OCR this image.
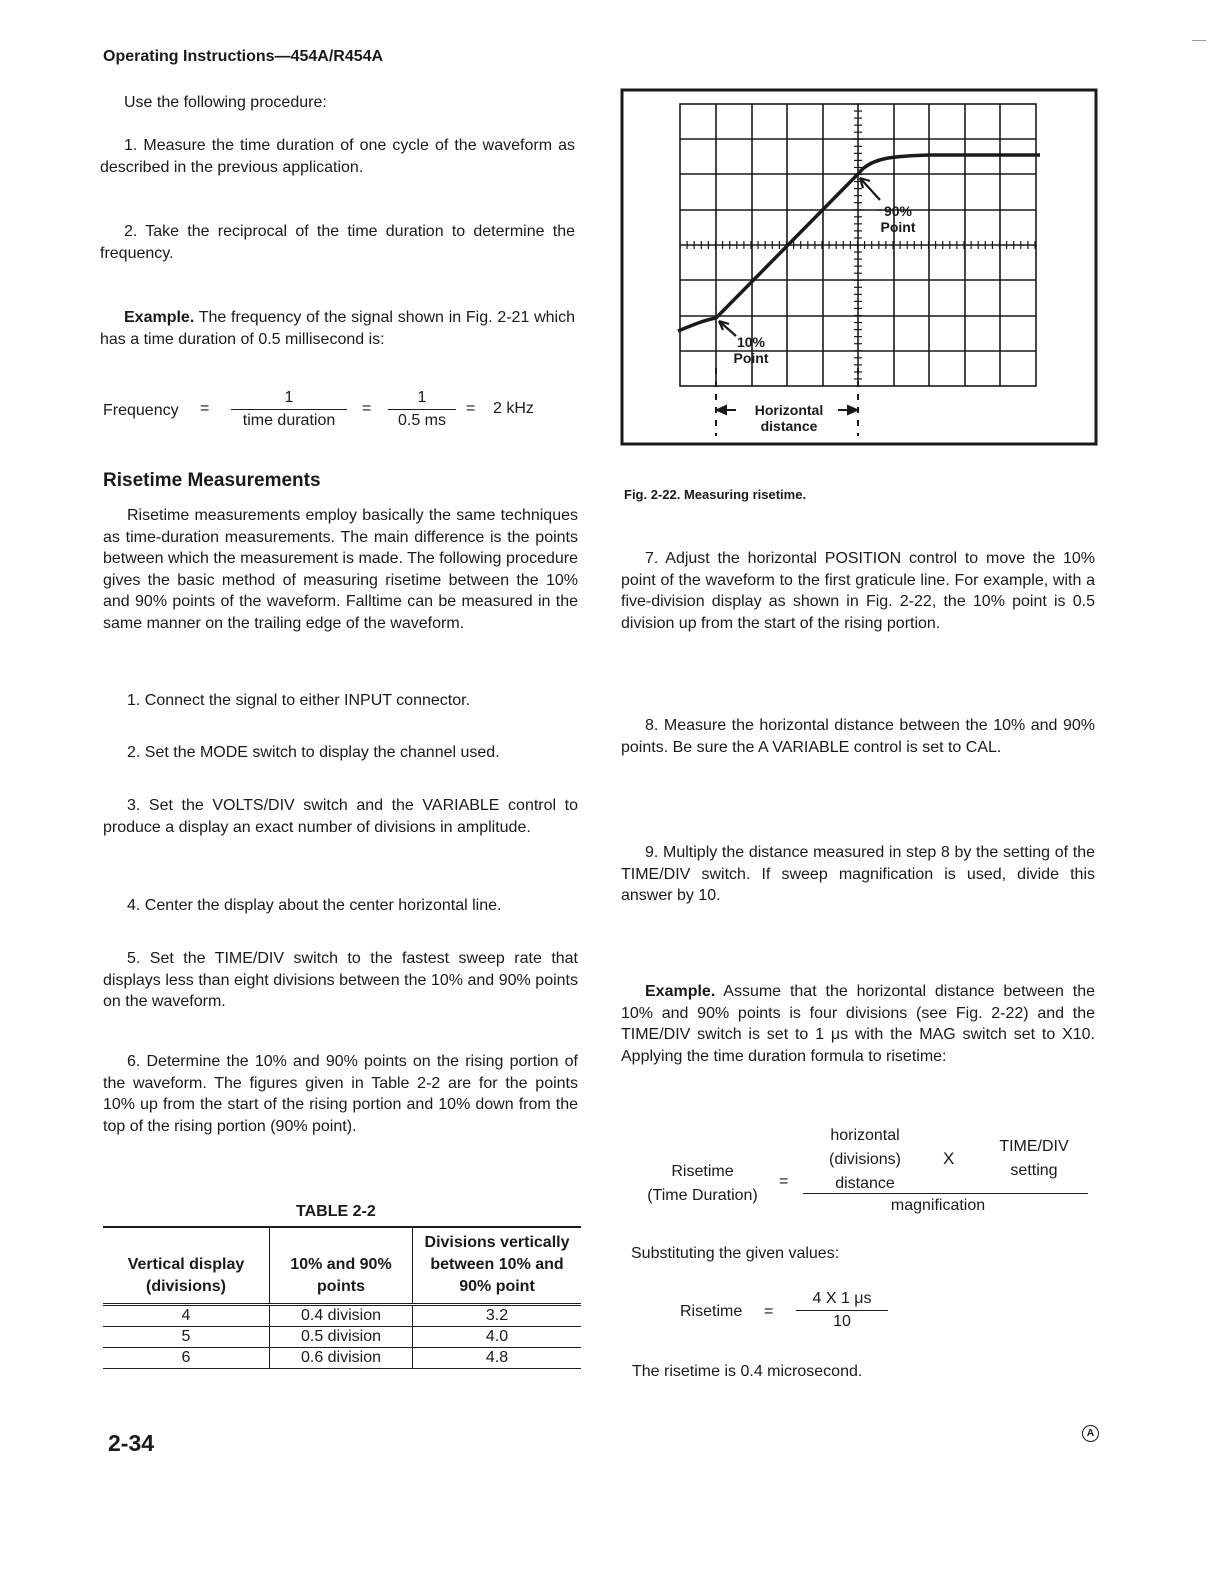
Operating Instructions—454A/R454A
Use the following procedure:
1. Measure the time duration of one cycle of the waveform as described in the previous application.
2. Take the reciprocal of the time duration to determine the frequency.
Example. The frequency of the signal shown in Fig. 2-21 which has a time duration of 0.5 millisecond is:
Frequency =
1
time duration
= $\frac{1}{0.5 ms} = 2$ kHz
Risetime Measurements
Risetime measurements employ basically the same techniques as time-duration measurements. The main difference is the points between which the measurement is made. The following procedure gives the basic method of measuring risetime between the 10% and 90% points of the waveform. Falltime can be measured in the same manner on the trailing edge of the waveform.
1. Connect the signal to either INPUT connector.
2. Set the MODE switch to display the channel used.
3. Set the VOLTS/DIV switch and the VARIABLE control to produce a display an exact number of divisions in amplitude.
4. Center the display about the center horizontal line.
5. Set the TIME/DIV switch to the fastest sweep rate that displays less than eight divisions between the 10% and 90% points on the waveform.
6. Determine the 10% and 90% points on the rising portion of the waveform. The figures given in Table 2-2 are for the points 10% up from the start of the rising portion and 10% down from the top of the rising portion (90% point).
TABLE 2-2
Vertical display (divisions)	10% and 90% points	Divisions vertically between 10% and 90% point
4	0.4 division	3.2
5	0.5 division	4.0
6	0.6 division	4.8
90%
Point
10%
Point
Horizontal
distance
Fig. 2-22. Measuring risetime.
7. Adjust the horizontal POSITION control to move the 10% point of the waveform to the first graticule line. For example, with a five-division display as shown in Fig. 2-22, the 10% point is 0.5 division up from the start of the rising portion.
8. Measure the horizontal distance between the 10% and 90% points. Be sure the A VARIABLE control is set to CAL.
9. Multiply the distance measured in step 8 by the setting of the TIME/DIV switch. If sweep magnification is used, divide this answer by 10.
Example. Assume that the horizontal distance between the 10% and 90% points is four divisions (see Fig. 2-22) and the TIME/DIV switch is set to 1 μs with the MAG switch set to X10. Applying the time duration formula to risetime:
Risetime
(Time Duration)
=
horizontal
(divisions)
distance
X
TIME/DIV
setting
magnification
Substituting the given values:
Risetime = $\frac{4 X 1 \mu s}{10}$
The risetime is 0.4 microsecond.
2-34	A
